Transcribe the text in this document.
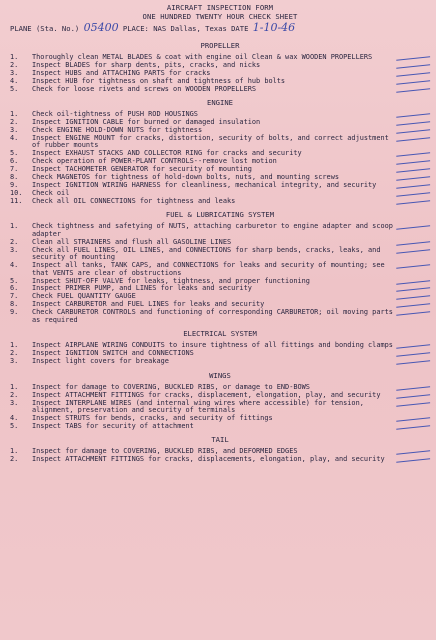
AIRCRAFT INSPECTION FORM
ONE HUNDRED TWENTY HOUR CHECK SHEET
PLANE (Sta. No.) 05400 PLACE: NAS Dallas, Texas DATE 1-10-46
PROPELLER
1.	Thoroughly clean METAL BLADES & coat with engine oil Clean & wax WOODEN PROPELLERS
2.	Inspect BLADES for sharp dents, pits, cracks, and nicks
3.	Inspect HUBS and ATTACHING PARTS for cracks
4.	Inspect HUB for tightness on shaft and tightness of hub bolts
5.	Check for loose rivets and screws on WOODEN PROPELLERS
ENGINE
1.	Check oil-tightness of PUSH ROD HOUSINGS
2.	Inspect IGNITION CABLE for burned or damaged insulation
3.	Check ENGINE HOLD-DOWN NUTS for tightness
4.	Inspect ENGINE MOUNT for cracks, distortion, security of bolts, and correct adjustment of rubber mounts
5.	Inspect EXHAUST STACKS AND COLLECTOR RING for cracks and security
6.	Check operation of POWER-PLANT CONTROLS--remove lost motion
7.	Inspect TACHOMETER GENERATOR for security of mounting
8.	Check MAGNETOS for tightness of hold-down bolts, nuts, and mounting screws
9.	Inspect IGNITION WIRING HARNESS for cleanliness, mechanical integrity, and security
10.	Check oil
11.	Check all OIL CONNECTIONS for tightness and leaks
FUEL & LUBRICATING SYSTEM
1.	Check tightness and safetying of NUTS, attaching carburetor to engine adapter and scoop adapter
2.	Clean all STRAINERS and flush all GASOLINE LINES
3.	Check all FUEL LINES, OIL LINES, and CONNECTIONS for sharp bends, cracks, leaks, and security of mounting
4.	Inspect all tanks, TANK CAPS, and CONNECTIONS for leaks and security of mounting; see that VENTS are clear of obstructions
5.	Inspect SHUT-OFF VALVE for leaks, tightness, and proper functioning
6.	Inspect PRIMER PUMP, and LINES for leaks and security
7.	Check FUEL QUANTITY GAUGE
8.	Inspect CARBURETOR and FUEL LINES for leaks and security
9.	Check CARBURETOR CONTROLS and functioning of corresponding CARBURETOR; oil moving parts as required
ELECTRICAL SYSTEM
1.	Inspect AIRPLANE WIRING CONDUITS to insure tightness of all fittings and bonding clamps
2.	Inspect IGNITION SWITCH and CONNECTIONS
3.	Inspect light covers for breakage
WINGS
1.	Inspect for damage to COVERING, BUCKLED RIBS, or damage to END-BOWS
2.	Inspect ATTACHMENT FITTINGS for cracks, displacement, elongation, play, and security
3.	Inspect INTERPLANE WIRES (and internal wing wires where accessible) for tension, alignment, preservation and security of terminals
4.	Inspect STRUTS for bends, cracks, and security of fittings
5.	Inspect TABS for security of attachment
TAIL
1.	Inspect for damage to COVERING, BUCKLED RIBS, and DEFORMED EDGES
2.	Inspect ATTACHMENT FITTINGS for cracks, displacements, elongation, play, and security
